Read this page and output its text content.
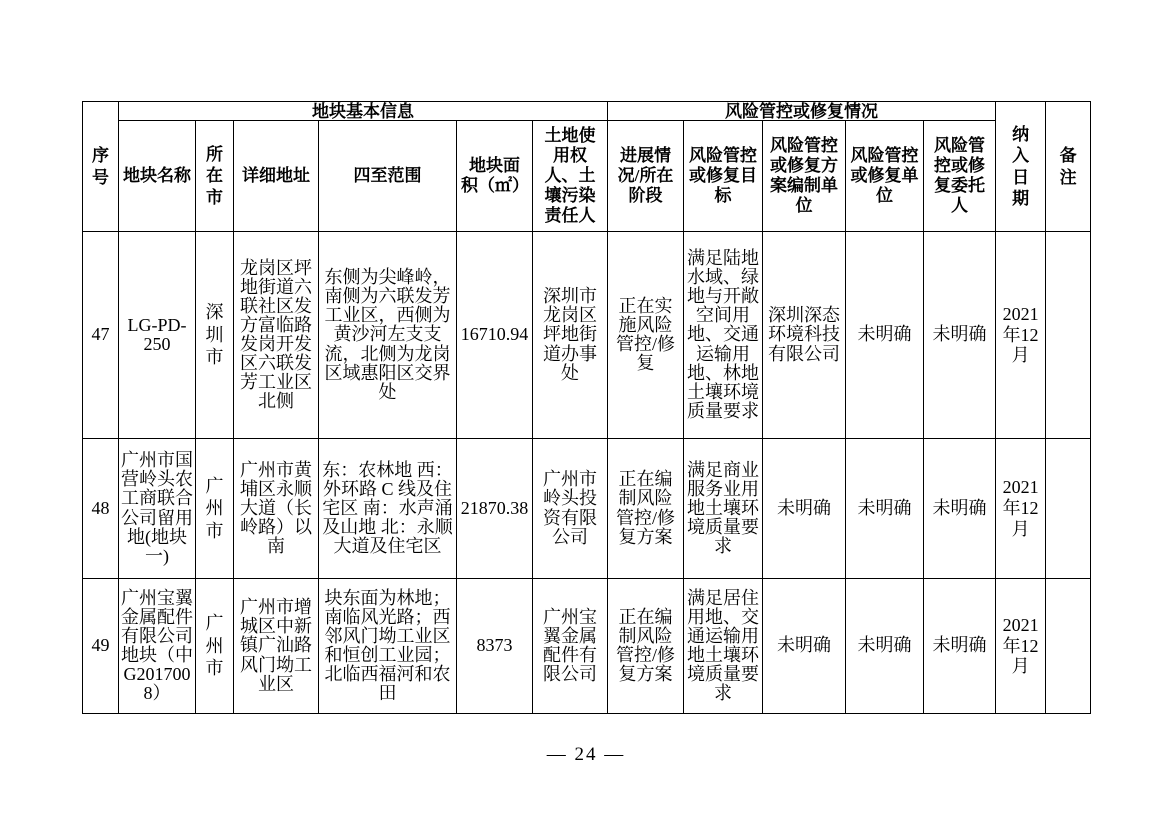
序号	地块基本信息						风险管控或修复情况					纳入日期	备注
	地块名称	所在市	详细地址	四至范围	地块面积（㎡）	土地使用权人、土壤污染责任人	进展情况/所在阶段	风险管控或修复目标	风险管控或修复方案编制单位	风险管控或修复单位	风险管控或修复委托人		
47	LG-PD-250	深圳市	龙岗区坪地街道六联社区发方富临路发岗开发区六联发芳工业区北侧	东侧为尖峰岭，南侧为六联发芳工业区，西侧为黄沙河左支支流，北侧为龙岗区域惠阳区交界处	16710.94	深圳市龙岗区坪地街道办事处	正在实施风险管控/修复	满足陆地水域、绿地与开敞空间用地、交通运输用地、林地土壤环境质量要求	深圳深态环境科技有限公司	未明确	未明确	2021年12月	
48	广州市国营岭头农工商联合公司留用地(地块一)	广州市	广州市黄埔区永顺大道（长岭路）以南	东：农林地 西：外环路 C 线及住宅区 南：水声涌及山地 北：永顺大道及住宅区	21870.38	广州市岭头投资有限公司	正在编制风险管控/修复方案	满足商业服务业用地土壤环境质量要求	未明确	未明确	未明确	2021年12月	
49	广州宝翼金属配件有限公司地块（中G2017008）	广州市	广州市增城区中新镇广汕路风门坳工业区	块东面为林地；南临风光路；西邻风门坳工业区和恒创工业园；北临西福河和农田	8373	广州宝翼金属配件有限公司	正在编制风险管控/修复方案	满足居住用地、交通运输用地土壤环境质量要求	未明确	未明确	未明确	2021年12月	
— 24 —
